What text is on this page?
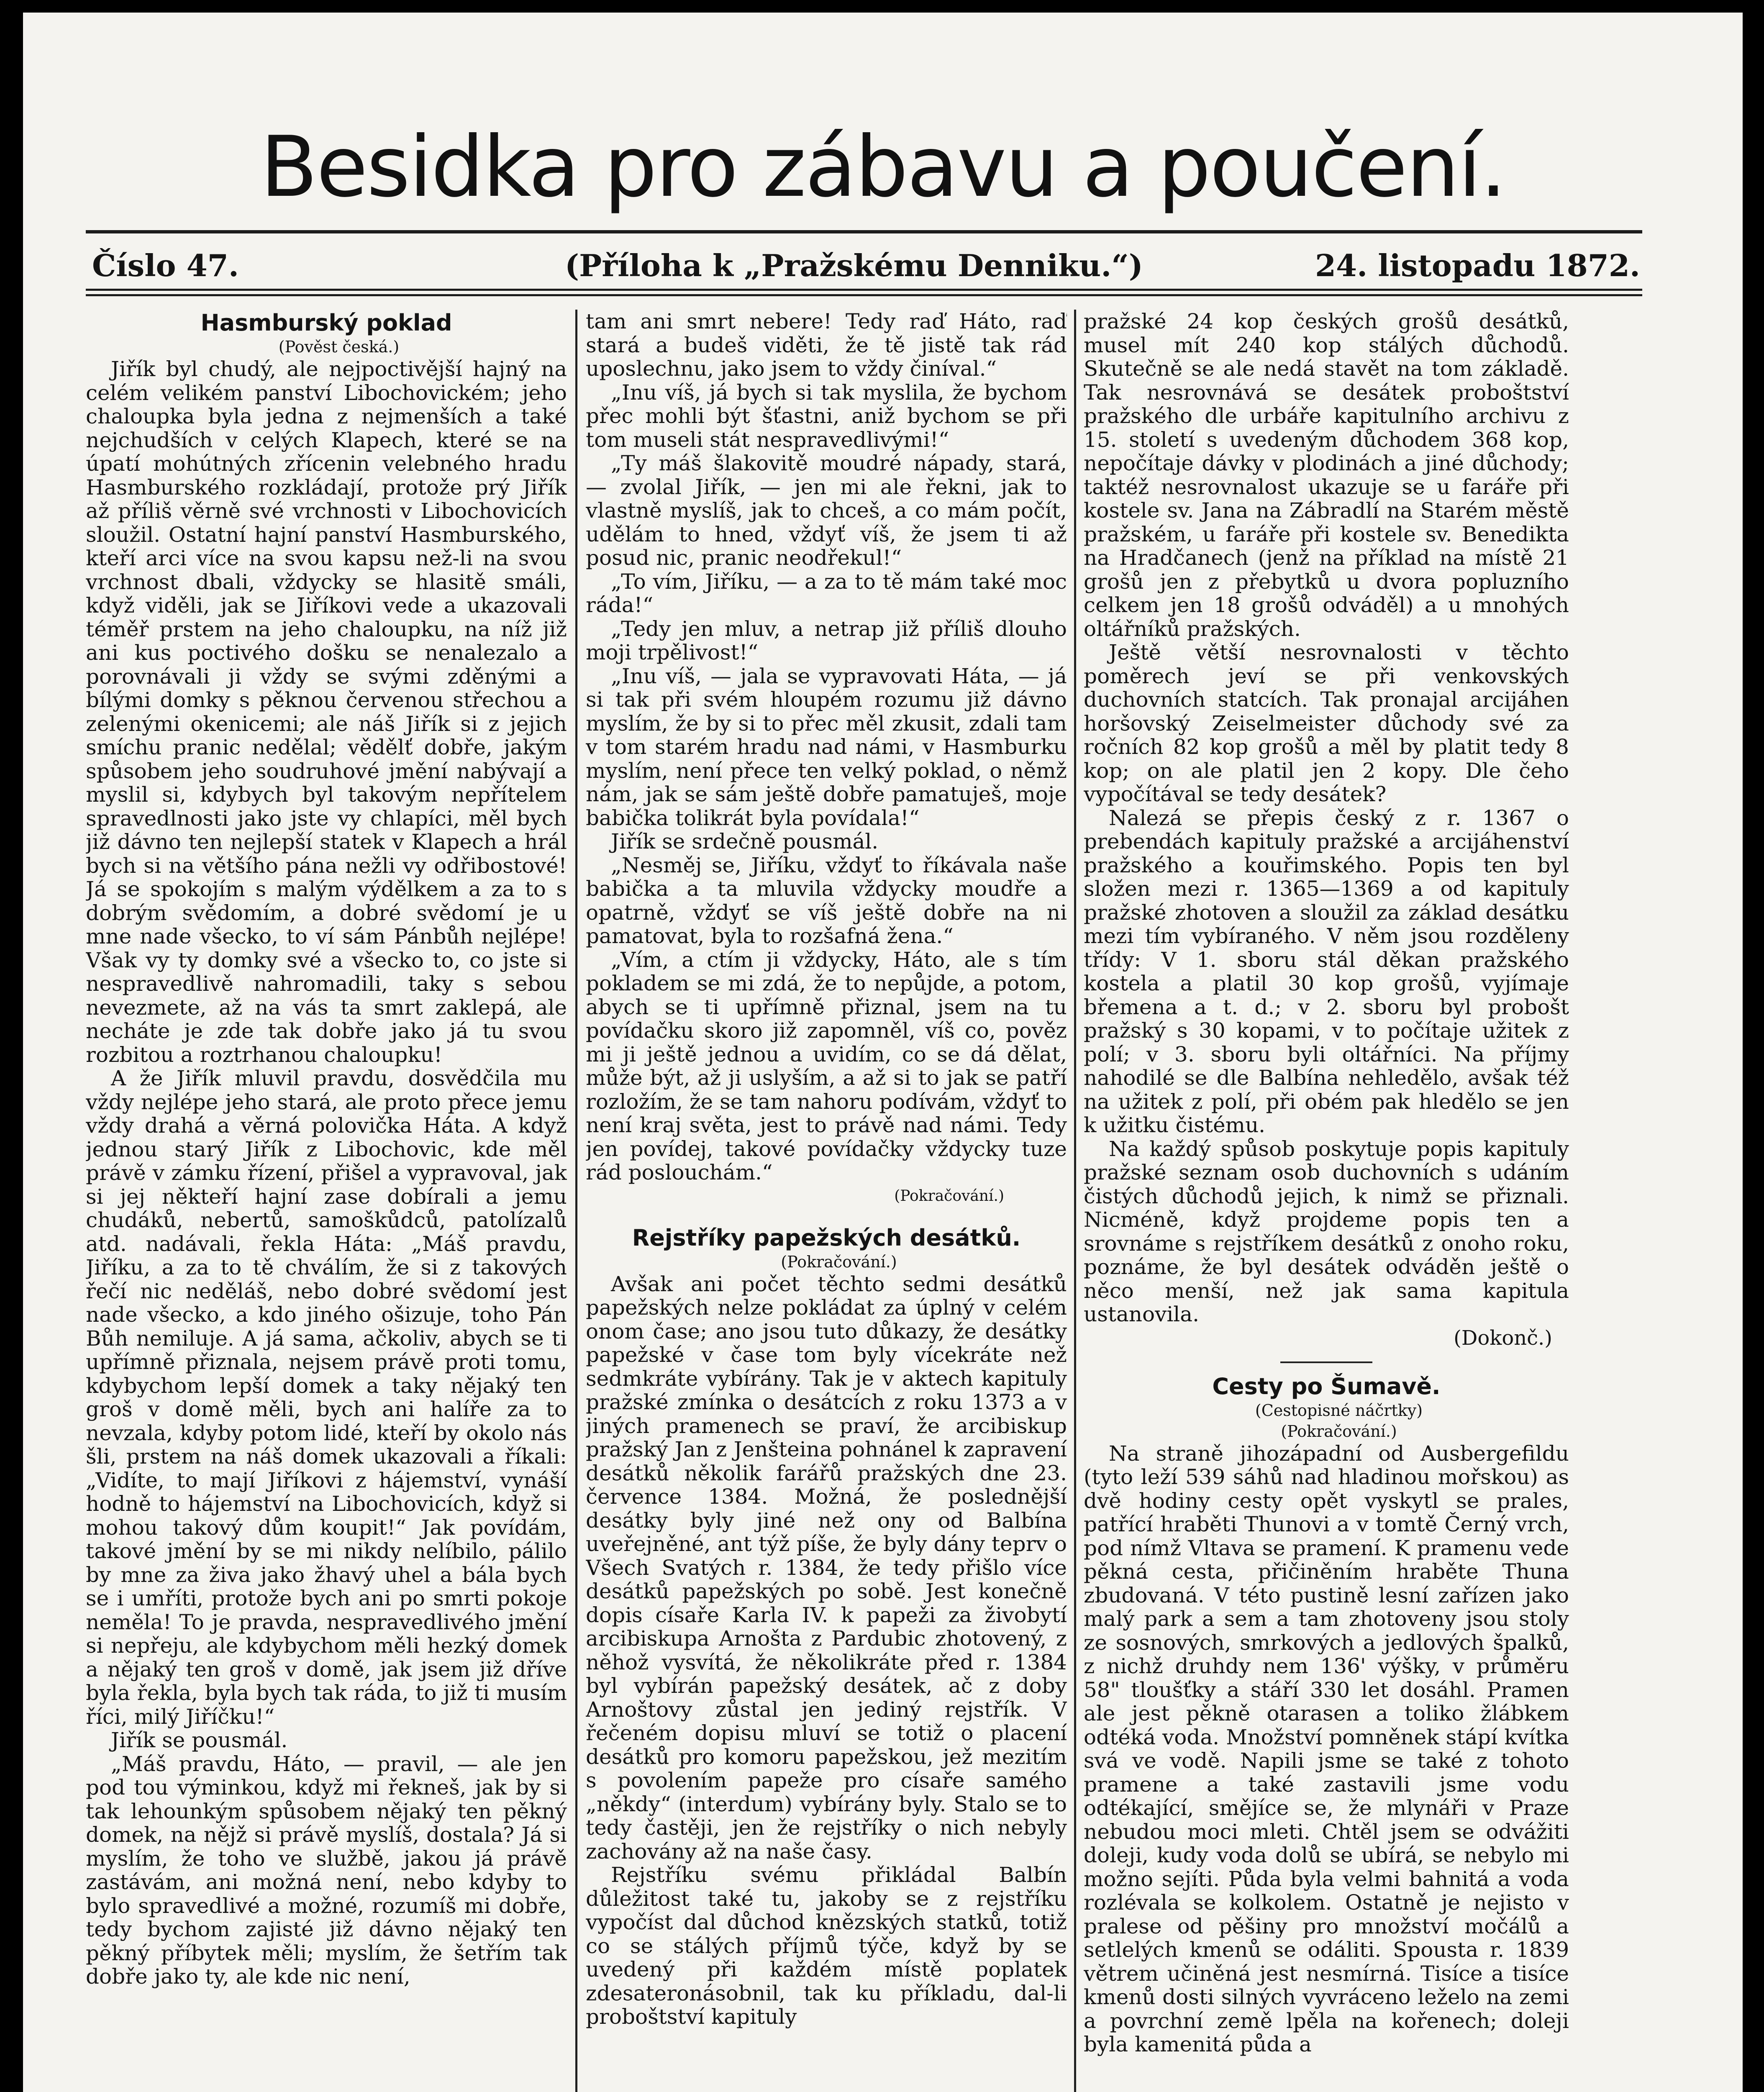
Besidka pro zábavu a poučení.
Číslo 47.	(Příloha k „Pražskému Denniku.“)	24. listopadu 1872.
Hasmburský poklad

(Pověst česká.)

Jiřík byl chudý, ale nejpoctivější hajný na celém velikém panství Libochovickém; jeho chaloupka byla jedna z nejmenších a také nejchudších v celých Klapech, které se na úpatí mohútných zřícenin velebného hradu Hasmburského rozkládají, protože prý Jiřík až příliš věrně své vrchnosti v Libochovicích sloužil. Ostatní hajní panství Hasmburského, kteří arci více na svou kapsu než-li na svou vrchnost dbali, vždycky se hlasitě smáli, když viděli, jak se Jiříkovi vede a ukazovali téměř prstem na jeho chaloupku, na níž již ani kus poctivého došku se nenalezalo a porovnávali ji vždy se svými zděnými a bílými domky s pěknou červenou střechou a zelenými okenicemi; ale náš Jiřík si z jejich smíchu pranic nedělal; vědělť dobře, jakým spůsobem jeho soudruhové jmění nabývají a myslil si, kdybych byl takovým nepřítelem spravedlnosti jako jste vy chlapíci, měl bych již dávno ten nejlepší statek v Klapech a hrál bych si na většího pána nežli vy odřibostové! Já se spokojím s malým výdělkem a za to s dobrým svědomím, a dobré svědomí je u mne nade všecko, to ví sám Pánbůh nejlépe! Však vy ty domky své a všecko to, co jste si nespravedlivě nahromadili, taky s sebou nevezmete, až na vás ta smrt zaklepá, ale necháte je zde tak dobře jako já tu svou rozbitou a roztrhanou chaloupku!

A že Jiřík mluvil pravdu, dosvědčila mu vždy nejlépe jeho stará, ale proto přece jemu vždy drahá a věrná polovička Háta. A když jednou starý Jiřík z Libochovic, kde měl právě v zámku řízení, přišel a vypravoval, jak si jej někteří hajní zase dobírali a jemu chudáků, nebertů, samoškůdců, patolízalů atd. nadávali, řekla Háta: „Máš pravdu, Jiříku, a za to tě chválím, že si z takových řečí nic neděláš, nebo dobré svědomí jest nade všecko, a kdo jiného ošizuje, toho Pán Bůh nemiluje. A já sama, ačkoliv, abych se ti upřímně přiznala, nejsem právě proti tomu, kdybychom lepší domek a taky nějaký ten groš v domě měli, bych ani halíře za to nevzala, kdyby potom lidé, kteří by okolo nás šli, prstem na náš domek ukazovali a říkali: „Vidíte, to mají Jiříkovi z hájemství, vynáší hodně to hájemství na Libochovicích, když si mohou takový dům koupit!“ Jak povídám, takové jmění by se mi nikdy nelíbilo, pálilo by mne za živa jako žhavý uhel a bála bych se i umříti, protože bych ani po smrti pokoje neměla! To je pravda, nespravedlivého jmění si nepřeju, ale kdybychom měli hezký domek a nějaký ten groš v domě, jak jsem již dříve byla řekla, byla bych tak ráda, to již ti musím říci, milý Jiříčku!“

Jiřík se pousmál.

„Máš pravdu, Háto, — pravil, — ale jen pod tou výminkou, když mi řekneš, jak by si tak lehounkým spůsobem nějaký ten pěkný domek, na nějž si právě myslíš, dostala? Já si myslím, že toho ve službě, jakou já právě zastávám, ani možná není, nebo kdyby to bylo spravedlivé a možné, rozumíš mi dobře, tedy bychom zajisté již dávno nějaký ten pěkný příbytek měli; myslím, že šetřím tak dobře jako ty, ale kde nic není,

tam ani smrt nebere! Tedy raď Háto, raď stará a budeš viděti, že tě jistě tak rád uposlechnu, jako jsem to vždy činíval.“

„Inu víš, já bych si tak myslila, že bychom přec mohli být šťastni, aniž bychom se při tom museli stát nespravedlivými!“

„Ty máš šlakovitě moudré nápady, stará, — zvolal Jiřík, — jen mi ale řekni, jak to vlastně myslíš, jak to chceš, a co mám počít, udělám to hned, vždyť víš, že jsem ti až posud nic, pranic neodřekul!“

„To vím, Jiříku, — a za to tě mám také moc ráda!“

„Tedy jen mluv, a netrap již příliš dlouho moji trpělivost!“

„Inu víš, — jala se vypravovati Háta, — já si tak při svém hloupém rozumu již dávno myslím, že by si to přec měl zkusit, zdali tam v tom starém hradu nad námi, v Hasmburku myslím, není přece ten velký poklad, o němž nám, jak se sám ještě dobře pamatuješ, moje babička tolikrát byla povídala!“

Jiřík se srdečně pousmál.

„Nesměj se, Jiříku, vždyť to říkávala naše babička a ta mluvila vždycky moudře a opatrně, vždyť se víš ještě dobře na ni pamatovat, byla to rozšafná žena.“

„Vím, a ctím ji vždycky, Háto, ale s tím pokladem se mi zdá, že to nepůjde, a potom, abych se ti upřímně přiznal, jsem na tu povídačku skoro již zapomněl, víš co, pověz mi ji ještě jednou a uvidím, co se dá dělat, může být, až ji uslyším, a až si to jak se patří rozložím, že se tam nahoru podívám, vždyť to není kraj světa, jest to právě nad námi. Tedy jen povídej, takové povídačky vždycky tuze rád poslouchám.“

(Pokračování.)

Rejstříky papežských desátků.

(Pokračování.)

Avšak ani počet těchto sedmi desátků papežských nelze pokládat za úplný v celém onom čase; ano jsou tuto důkazy, že desátky papežské v čase tom byly vícekráte než sedmkráte vybírány. Tak je v aktech kapituly pražské zmínka o desátcích z roku 1373 a v jiných pramenech se praví, že arcibiskup pražský Jan z Jenšteina pohnánel k zapravení desátků několik farářů pražských dne 23. července 1384. Možná, že poslednější desátky byly jiné než ony od Balbína uveřejněné, ant týž píše, že byly dány teprv o Všech Svatých r. 1384, že tedy přišlo více desátků papežských po sobě. Jest konečně dopis císaře Karla IV. k papeži za živobytí arcibiskupa Arnošta z Pardubic zhotovený, z něhož vysvítá, že několikráte před r. 1384 byl vybírán papežský desátek, ač z doby Arnoštovy zůstal jen jediný rejstřík. V řečeném dopisu mluví se totiž o placení desátků pro komoru papežskou, jež mezitím s povolením papeže pro císaře samého „někdy“ (interdum) vybírány byly. Stalo se to tedy častěji, jen že rejstříky o nich nebyly zachovány až na naše časy.

Rejstříku svému přikládal Balbín důležitost také tu, jakoby se z rejstříku vypočíst dal důchod knězských statků, totiž co se stálých příjmů týče, když by se uvedený při každém místě poplatek zdesateronásobnil, tak ku příkladu, dal-li proboštství kapituly

pražské 24 kop českých grošů desátků, musel mít 240 kop stálých důchodů. Skutečně se ale nedá stavět na tom základě. Tak nesrovnává se desátek proboštství pražského dle urbáře kapitulního archivu z 15. století s uvedeným důchodem 368 kop, nepočítaje dávky v plodinách a jiné důchody; taktéž nesrovnalost ukazuje se u faráře při kostele sv. Jana na Zábradlí na Starém městě pražském, u faráře při kostele sv. Benedikta na Hradčanech (jenž na příklad na místě 21 grošů jen z přebytků u dvora popluzního celkem jen 18 grošů odváděl) a u mnohých oltářníků pražských.

Ještě větší nesrovnalosti v těchto poměrech jeví se při venkovských duchovních statcích. Tak pronajal arcijáhen horšovský Zeiselmeister důchody své za ročních 82 kop grošů a měl by platit tedy 8 kop; on ale platil jen 2 kopy. Dle čeho vypočítával se tedy desátek?

Nalezá se přepis český z r. 1367 o prebendách kapituly pražské a arcijáhenství pražského a kouřimského. Popis ten byl složen mezi r. 1365—1369 a od kapituly pražské zhotoven a sloužil za základ desátku mezi tím vybíraného. V něm jsou rozděleny třídy: V 1. sboru stál děkan pražského kostela a platil 30 kop grošů, vyjímaje břemena a t. d.; v 2. sboru byl probošt pražský s 30 kopami, v to počítaje užitek z polí; v 3. sboru byli oltářníci. Na příjmy nahodilé se dle Balbína nehledělo, avšak též na užitek z polí, při obém pak hledělo se jen k užitku čistému.

Na každý spůsob poskytuje popis kapituly pražské seznam osob duchovních s udáním čistých důchodů jejich, k nimž se přiznali. Nicméně, když projdeme popis ten a srovnáme s rejstříkem desátků z onoho roku, poznáme, že byl desátek odváděn ještě o něco menší, než jak sama kapitula ustanovila.

(Dokonč.)

Cesty po Šumavě.

(Cestopisné náčrtky)

(Pokračování.)

Na straně jihozápadní od Ausbergefildu (tyto leží 539 sáhů nad hladinou mořskou) as dvě hodiny cesty opět vyskytl se prales, patřící hraběti Thunovi a v tomtě Černý vrch, pod nímž Vltava se pramení. K pramenu vede pěkná cesta, přičiněním hraběte Thuna zbudovaná. V této pustině lesní zařízen jako malý park a sem a tam zhotoveny jsou stoly ze sosnových, smrkových a jedlových špalků, z nichž druhdy nem 136' výšky, v průměru 58" tloušťky a stáří 330 let dosáhl. Pramen ale jest pěkně otarasen a toliko žlábkem odtéká voda. Množství pomněnek stápí kvítka svá ve vodě. Napili jsme se také z tohoto pramene a také zastavili jsme vodu odtékající, smějíce se, že mlynáři v Praze nebudou moci mleti. Chtěl jsem se odvážiti doleji, kudy voda dolů se ubírá, se nebylo mi možno sejíti. Půda byla velmi bahnitá a voda rozlévala se kolkolem. Ostatně je nejisto v pralese od pěšiny pro množství močálů a setlelých kmenů se odáliti. Spousta r. 1839 větrem učiněná jest nesmírná. Tisíce a tisíce kmenů dosti silných vyvráceno leželo na zemi a povrchní země lpěla na kořenech; doleji byla kamenitá půda a
